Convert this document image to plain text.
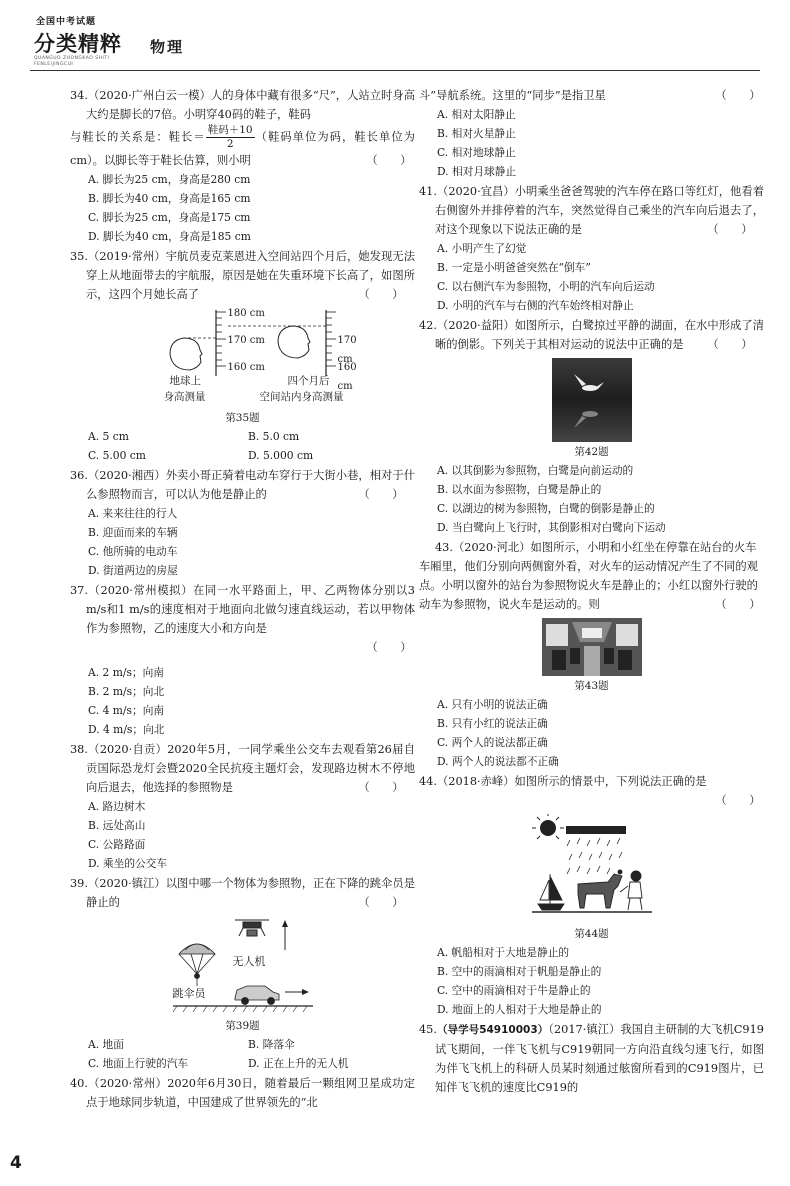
全国中考试题
分类精粹
QUANGUO ZHONGKAO SHITI FENLEIJINGCUI
物理
34.（2020·广州白云一模）人的身体中藏有很多“尺”，人站立时身高大约是脚长的7倍。小明穿40码的鞋子，鞋码
与鞋长的关系是：鞋长＝ $\frac{\text{鞋码＋10}}{2}$ （鞋码单位为码，鞋长单位为cm）。以脚长等于鞋长估算，则小明	（　　）
A. 脚长为25 cm，身高是280 cm
B. 脚长为40 cm，身高是165 cm
C. 脚长为25 cm，身高是175 cm
D. 脚长为40 cm，身高是185 cm
35.（2019·常州）宇航员麦克莱恩进入空间站四个月后，她发现无法穿上从地面带去的宇航服，原因是她在失重环境下长高了，如图所示，这四个月她长高了	（　　）
180 cm
170 cm
160 cm
170 cm
160 cm
地球上
身高测量
四个月后
空间站内身高测量
第35题
A. 5 cm	B. 5.0 cm
C. 5.00 cm	D. 5.000 cm
36.（2020·湘西）外卖小哥正骑着电动车穿行于大街小巷，相对于什么参照物而言，可以认为他是静止的	（　　）
A. 来来往往的行人
B. 迎面而来的车辆
C. 他所骑的电动车
D. 街道两边的房屋
37.（2020·常州模拟）在同一水平路面上，甲、乙两物体分别以3 m/s和1 m/s的速度相对于地面向北做匀速直线运动，若以甲物体作为参照物，乙的速度大小和方向是
（　　）
A. 2 m/s；向南
B. 2 m/s；向北
C. 4 m/s；向南
D. 4 m/s；向北
38.（2020·自贡）2020年5月，一同学乘坐公交车去观看第26届自贡国际恐龙灯会暨2020全民抗疫主题灯会，发现路边树木不停地向后退去，他选择的参照物是	（　　）
A. 路边树木
B. 远处高山
C. 公路路面
D. 乘坐的公交车
39.（2020·镇江）以图中哪一个物体为参照物，正在下降的跳伞员是静止的	（　　）
无人机
跳伞员
第39题
A. 地面	B. 降落伞
C. 地面上行驶的汽车	D. 正在上升的无人机
40.（2020·常州）2020年6月30日，随着最后一颗组网卫星成功定点于地球同步轨道，中国建成了世界领先的“北
斗”导航系统。这里的“同步”是指卫星	（　　）
A. 相对太阳静止
B. 相对火星静止
C. 相对地球静止
D. 相对月球静止
41.（2020·宜昌）小明乘坐爸爸驾驶的汽车停在路口等红灯，他看着右侧窗外并排停着的汽车，突然觉得自己乘坐的汽车向后退去了，对这个现象以下说法正确的是	（　　）
A. 小明产生了幻觉
B. 一定是小明爸爸突然在“倒车”
C. 以右侧汽车为参照物，小明的汽车向后运动
D. 小明的汽车与右侧的汽车始终相对静止
42.（2020·益阳）如图所示，白鹭掠过平静的湖面，在水中形成了清晰的倒影。下列关于其相对运动的说法中正确的是 （　　）
第42题
A. 以其倒影为参照物，白鹭是向前运动的
B. 以水面为参照物，白鹭是静止的
C. 以湖边的树为参照物，白鹭的倒影是静止的
D. 当白鹭向上飞行时，其倒影相对白鹭向下运动
43.（2020·河北）如图所示，小明和小红坐在停靠在站台的火车车厢里，他们分别向两侧窗外看，对火车的运动情况产生了不同的观点。小明以窗外的站台为参照物说火车是静止的；小红以窗外行驶的动车为参照物，说火车是运动的。则	（　　）
第43题
A. 只有小明的说法正确
B. 只有小红的说法正确
C. 两个人的说法都正确
D. 两个人的说法都不正确
44.（2018·赤峰）如图所示的情景中，下列说法正确的是
（　　）
第44题
A. 帆船相对于大地是静止的
B. 空中的雨滴相对于帆船是静止的
C. 空中的雨滴相对于牛是静止的
D. 地面上的人相对于大地是静止的
45.（导学号54910003）（2017·镇江）我国自主研制的大飞机C919试飞期间，一伴飞飞机与C919朝同一方向沿直线匀速飞行，如图为伴飞飞机上的科研人员某时刻通过舷窗所看到的C919图片，已知伴飞飞机的速度比C919的
4
